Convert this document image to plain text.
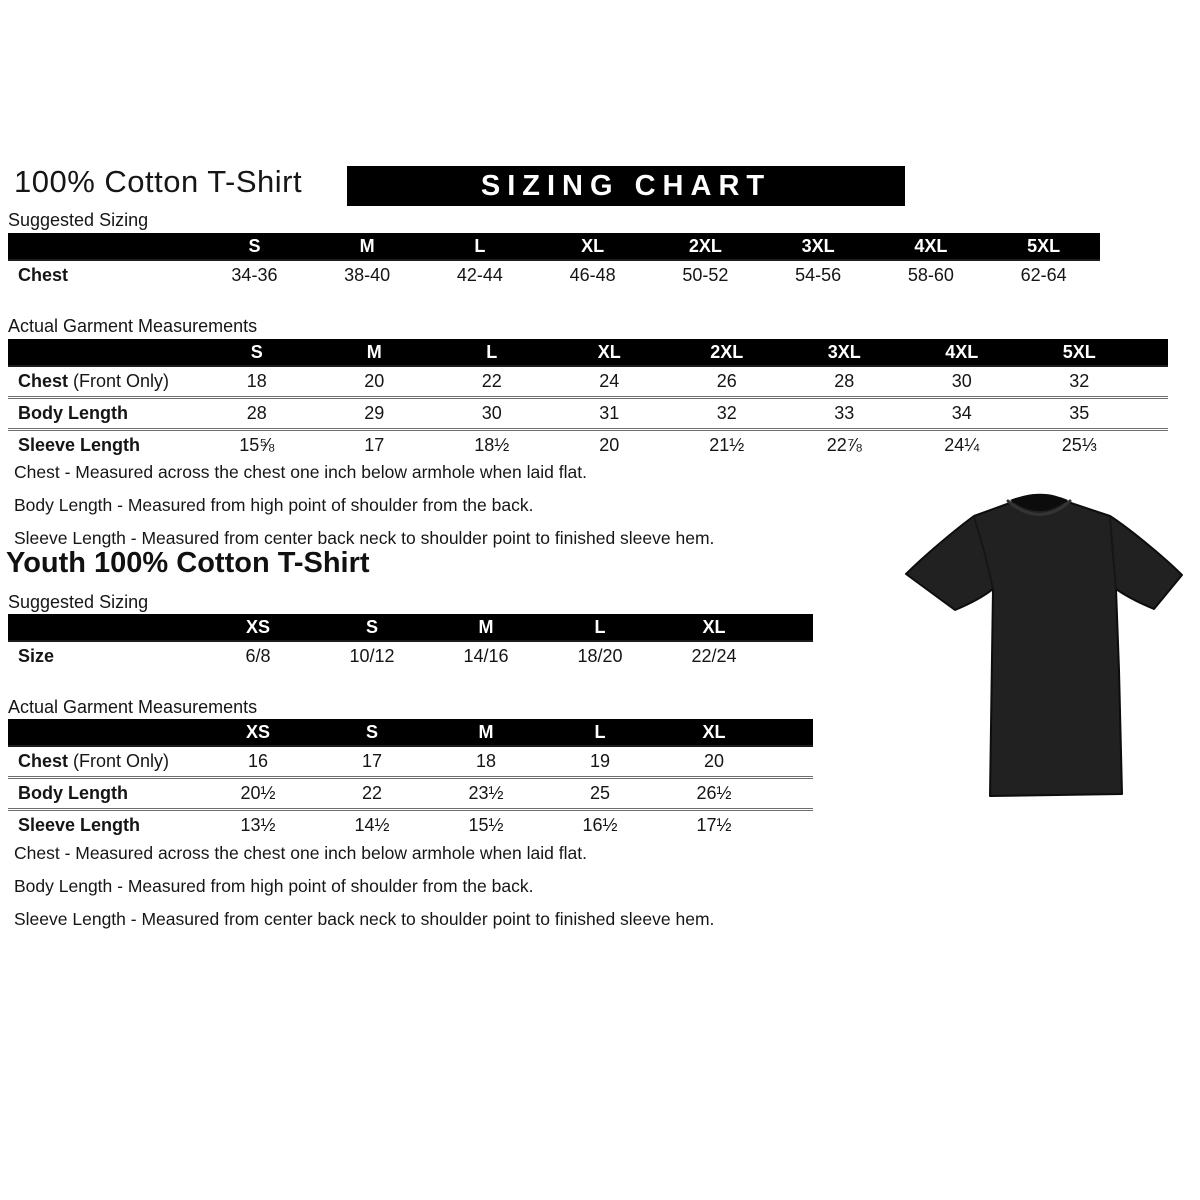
100% Cotton T-Shirt	SIZING CHART
Suggested Sizing
	S	M	L	XL	2XL	3XL	4XL	5XL
Chest	34-36	38-40	42-44	46-48	50-52	54-56	58-60	62-64
Actual Garment Measurements
	S	M	L	XL	2XL	3XL	4XL	5XL	
Chest (Front Only)	18	20	22	24	26	28	30	32	
Body Length	28	29	30	31	32	33	34	35	
Sleeve Length	15⅝	17	18½	20	21½	22⅞	24¼	25⅓	
Chest - Measured across the chest one inch below armhole when laid flat.
Body Length - Measured from high point of shoulder from the back.
Sleeve Length - Measured from center back neck to shoulder point to finished sleeve hem.
Youth 100% Cotton T-Shirt
Suggested Sizing
	XS	S	M	L	XL	
Size	6/8	10/12	14/16	18/20	22/24	
Actual Garment Measurements
	XS	S	M	L	XL	
Chest (Front Only)	16	17	18	19	20	
Body Length	20½	22	23½	25	26½	
Sleeve Length	13½	14½	15½	16½	17½	
Chest - Measured across the chest one inch below armhole when laid flat.
Body Length - Measured from high point of shoulder from the back.
Sleeve Length - Measured from center back neck to shoulder point to finished sleeve hem.
